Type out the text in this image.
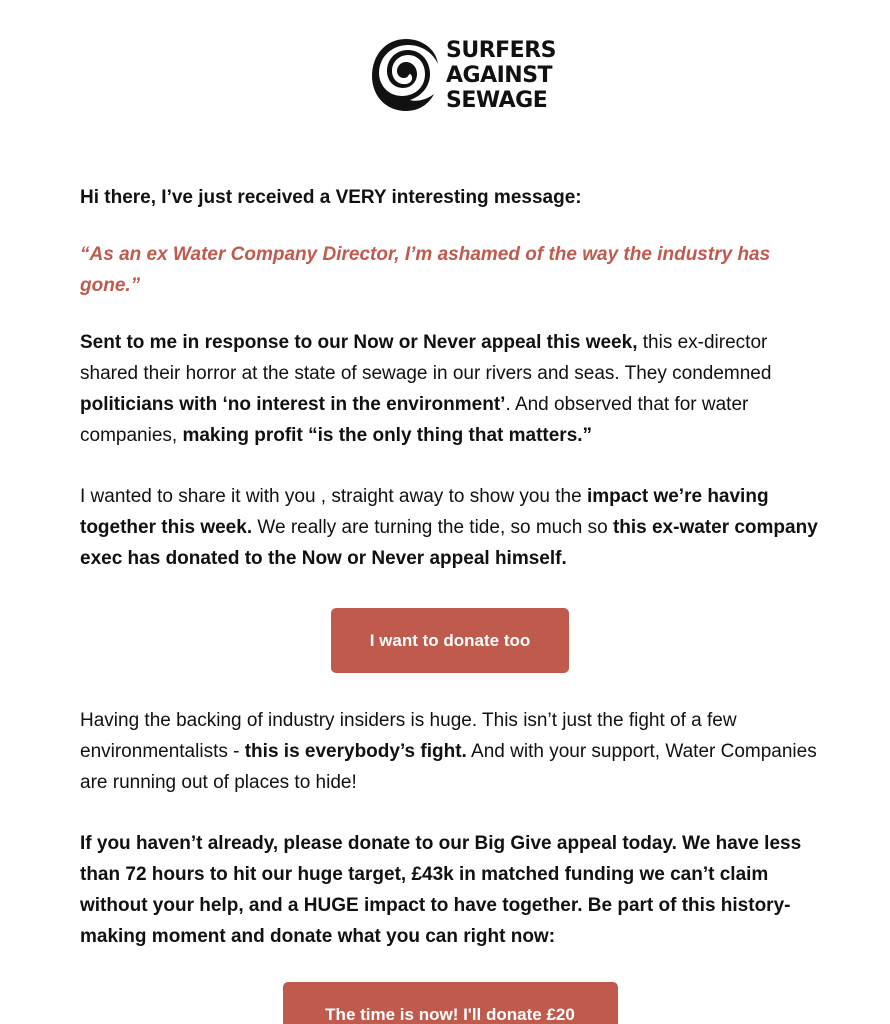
SURFERS
AGAINST
SEWAGE

Hi there, I’ve just received a VERY interesting message:

“As an ex Water Company Director, I’m ashamed of the way the industry has gone.”

Sent to me in response to our Now or Never appeal this week, this ex-director shared their horror at the state of sewage in our rivers and seas. They condemned politicians with ‘no interest in the environment’. And observed that for water companies, making profit “is the only thing that matters.”

I wanted to share it with you , straight away to show you the impact we’re having together this week. We really are turning the tide, so much so this ex-water company exec has donated to the Now or Never appeal himself.

I want to donate too

Having the backing of industry insiders is huge. This isn’t just the fight of a few environmentalists - this is everybody’s fight. And with your support, Water Companies are running out of places to hide!

If you haven’t already, please donate to our Big Give appeal today. We have less than 72 hours to hit our huge target, £43k in matched funding we can’t claim without your help, and a HUGE impact to have together. Be part of this history-making moment and donate what you can right now:

The time is now! I'll donate £20
